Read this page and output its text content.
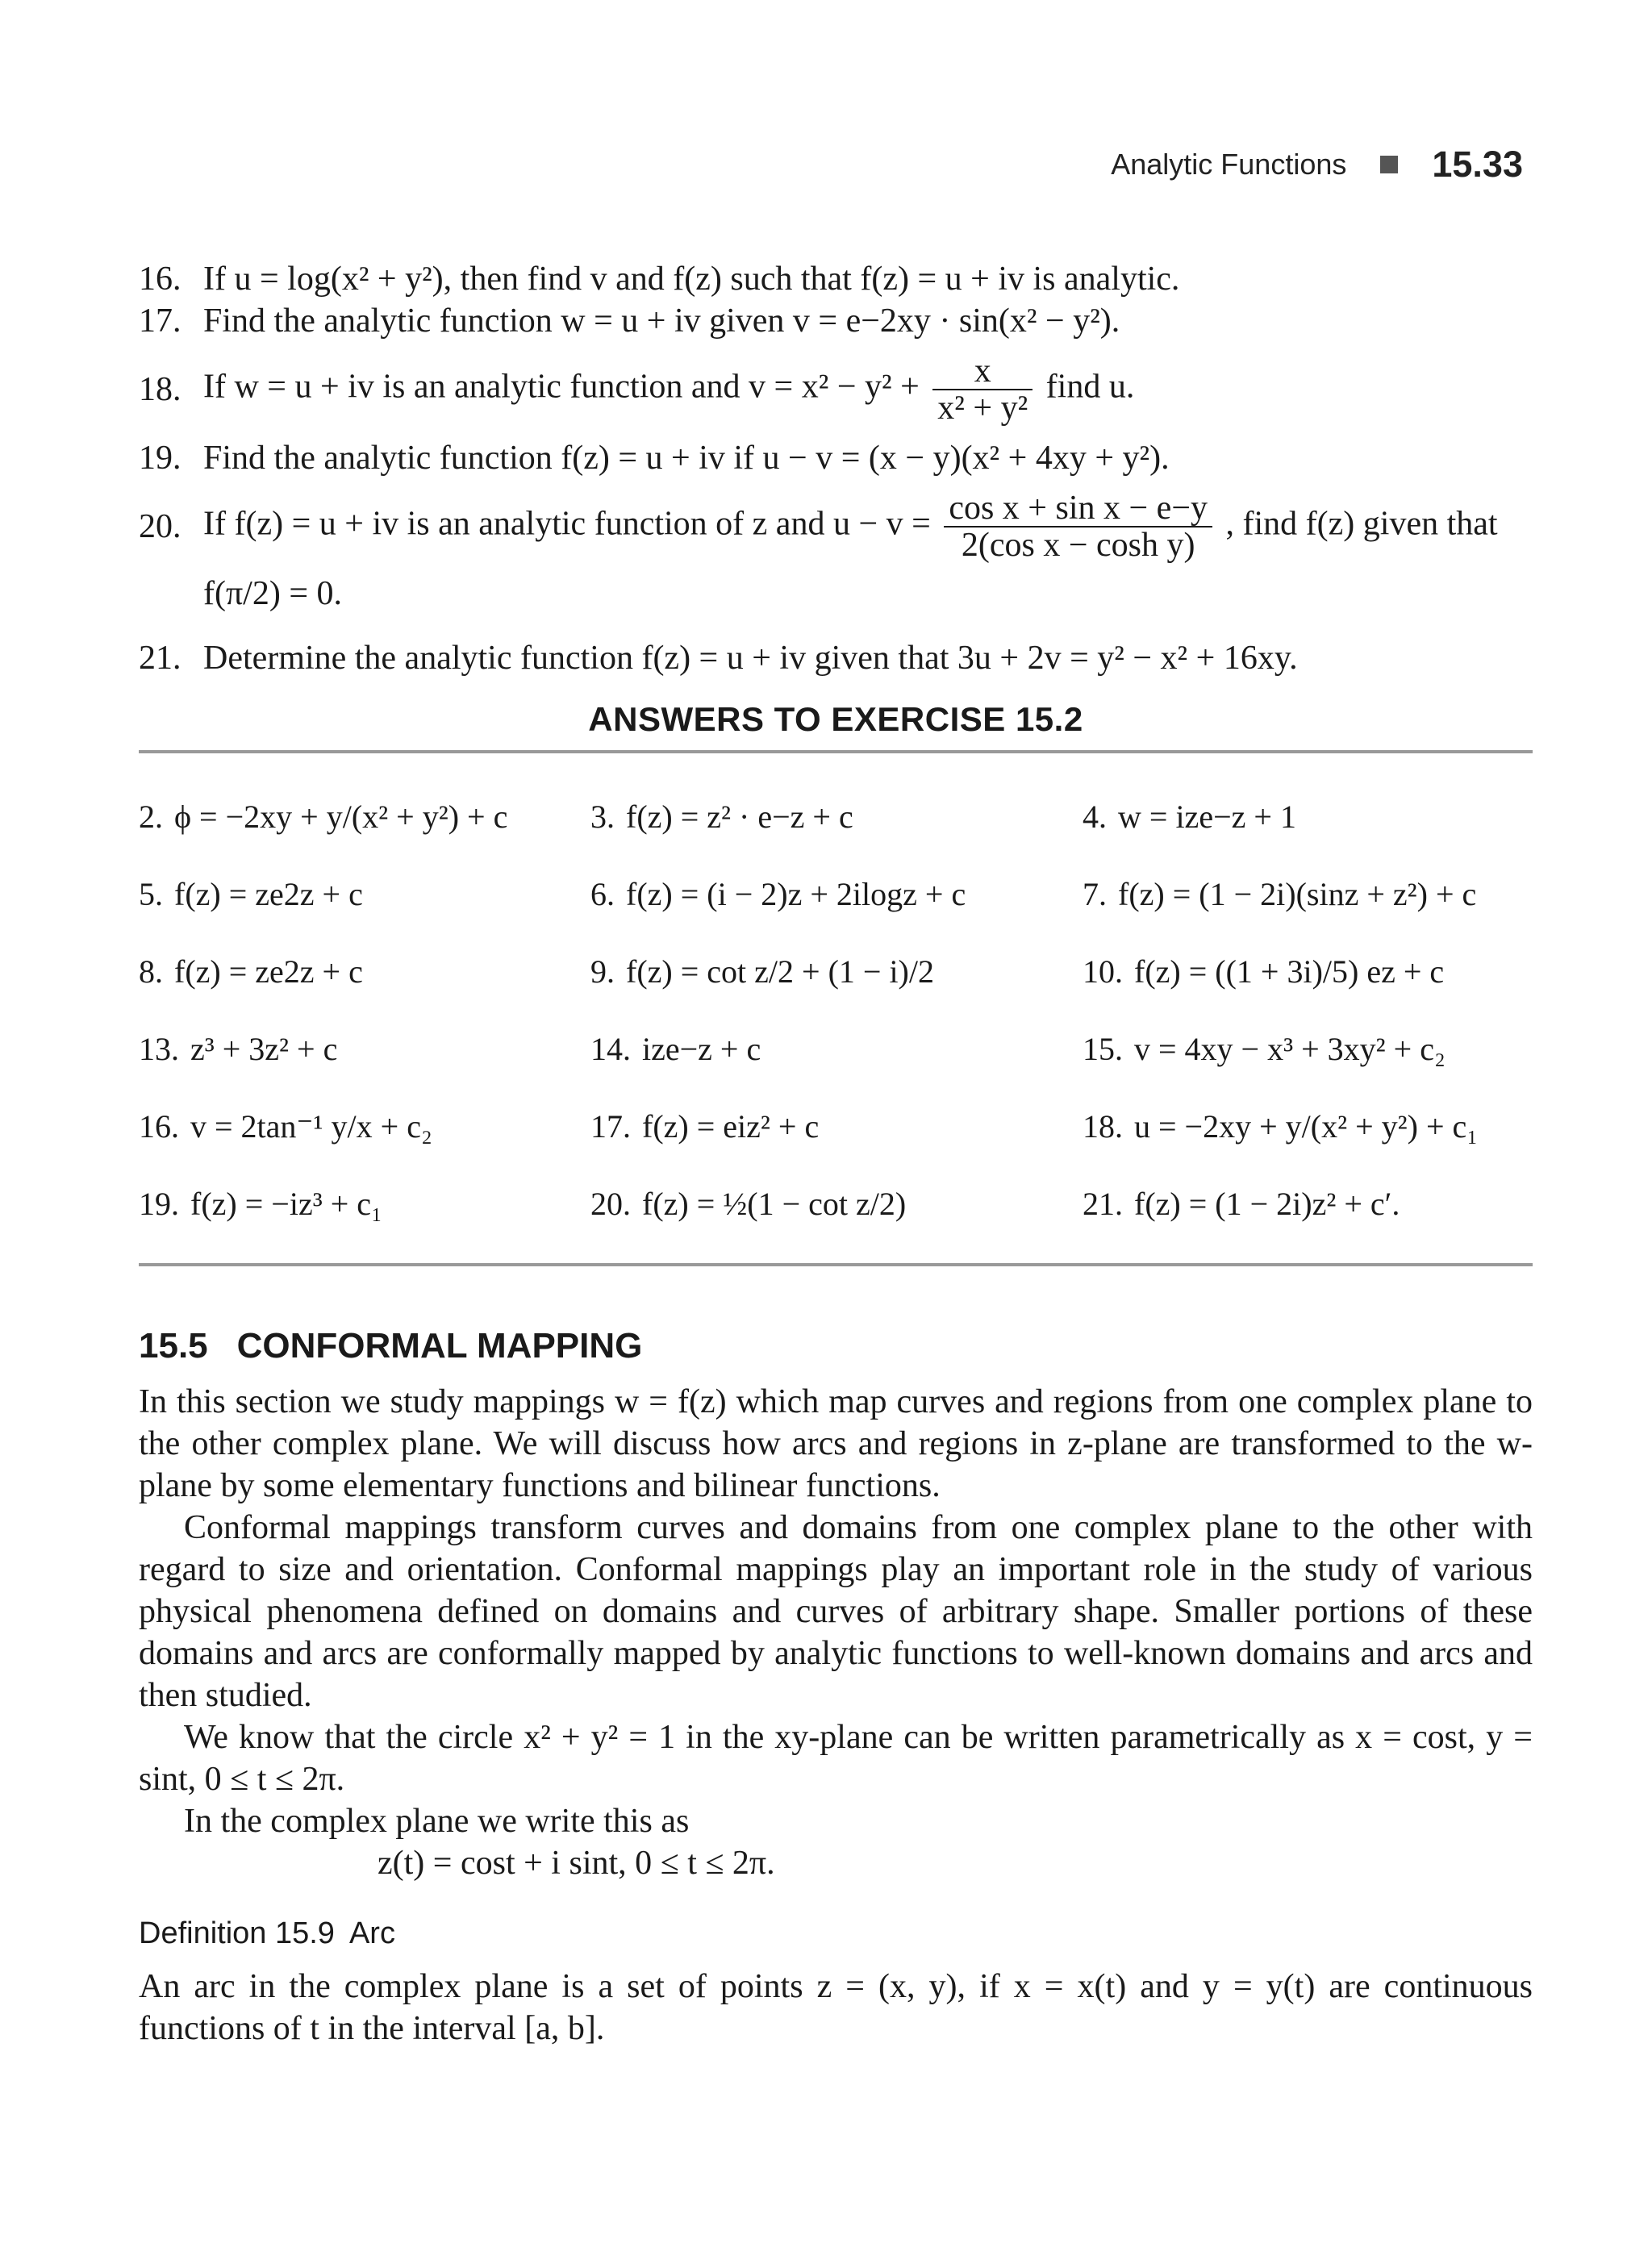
Analytic Functions 15.33
16. If u = log(x² + y²), then find v and f(z) such that f(z) = u + iv is analytic.
17. Find the analytic function w = u + iv given v = e−2xy · sin(x² − y²).
18. If w = u + iv is an analytic function and $v = x^2 - y^2 + \frac{x}{\text{x² + y²}}$ find u.
19. Find the analytic function f(z) = u + iv if u − v = (x − y)(x² + 4xy + y²).
20. If f(z) = u + iv is an analytic function of z and $u - v = \frac{\text{cos x + sin x − e−y}}{\text{2(cos x − cosh y)}}$ , find f(z) given that
f(π/2) = 0.
21. Determine the analytic function f(z) = u + iv given that 3u + 2v = y² − x² + 16xy.
ANSWERS TO EXERCISE 15.2
2. ϕ = −2xy + y/(x² + y²) + c	3. f(z) = z² · e−z + c	4. w = ize−z + 1
5. f(z) = ze2z + c	6. f(z) = (i − 2)z + 2ilogz + c	7. f(z) = (1 − 2i)(sinz + z²) + c
8. f(z) = ze2z + c	9. f(z) = cot z/2 + (1 − i)/2	10. f(z) = ((1 + 3i)/5) ez + c
13. z³ + 3z² + c	14. ize−z + c	15. v = 4xy − x³ + 3xy² + c₂
16. v = 2tan⁻¹ y/x + c₂	17. f(z) = eiz² + c	18. u = −2xy + y/(x² + y²) + c₁
19. f(z) = −iz³ + c₁	20. f(z) = ½(1 − cot z/2)	21. f(z) = (1 − 2i)z² + c′.
15.5 CONFORMAL MAPPING

In this section we study mappings w = f(z) which map curves and regions from one complex plane to the other complex plane. We will discuss how arcs and regions in z-plane are transformed to the w-plane by some elementary functions and bilinear functions.

Conformal mappings transform curves and domains from one complex plane to the other with regard to size and orientation. Conformal mappings play an important role in the study of various physical phenomena defined on domains and curves of arbitrary shape. Smaller portions of these domains and arcs are conformally mapped by analytic functions to well-known domains and arcs and then studied.

We know that the circle x² + y² = 1 in the xy-plane can be written parametrically as x = cost, y = sint, 0 ≤ t ≤ 2π.

In the complex plane we write this as

z(t) = cost + i sint, 0 ≤ t ≤ 2π.
Definition 15.9 Arc

An arc in the complex plane is a set of points z = (x, y), if x = x(t) and y = y(t) are continuous functions of t in the interval [a, b].
